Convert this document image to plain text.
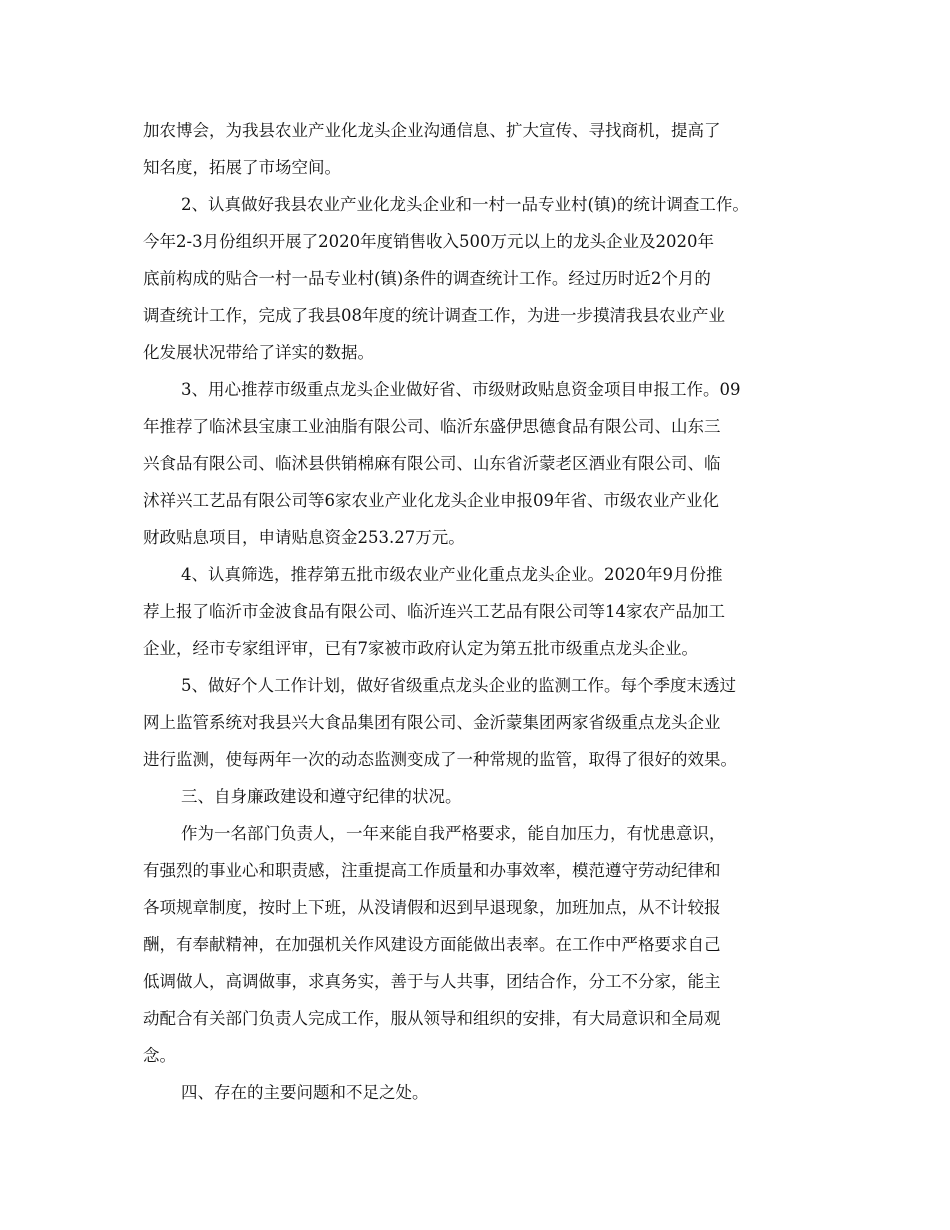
加农博会，为我县农业产业化龙头企业沟通信息、扩大宣传、寻找商机，提高了
知名度，拓展了市场空间。
2、认真做好我县农业产业化龙头企业和一村一品专业村(镇)的统计调查工作。
今年2-3月份组织开展了2020年度销售收入500万元以上的龙头企业及2020年
底前构成的贴合一村一品专业村(镇)条件的调查统计工作。经过历时近2个月的
调查统计工作，完成了我县08年度的统计调查工作，为进一步摸清我县农业产业
化发展状况带给了详实的数据。
3、用心推荐市级重点龙头企业做好省、市级财政贴息资金项目申报工作。09
年推荐了临沭县宝康工业油脂有限公司、临沂东盛伊思德食品有限公司、山东三
兴食品有限公司、临沭县供销棉麻有限公司、山东省沂蒙老区酒业有限公司、临
沭祥兴工艺品有限公司等6家农业产业化龙头企业申报09年省、市级农业产业化
财政贴息项目，申请贴息资金253.27万元。
4、认真筛选，推荐第五批市级农业产业化重点龙头企业。2020年9月份推
荐上报了临沂市金波食品有限公司、临沂连兴工艺品有限公司等14家农产品加工
企业，经市专家组评审，已有7家被市政府认定为第五批市级重点龙头企业。
5、做好个人工作计划，做好省级重点龙头企业的监测工作。每个季度末透过
网上监管系统对我县兴大食品集团有限公司、金沂蒙集团两家省级重点龙头企业
进行监测，使每两年一次的动态监测变成了一种常规的监管，取得了很好的效果。
三、自身廉政建设和遵守纪律的状况。
作为一名部门负责人，一年来能自我严格要求，能自加压力，有忧患意识，
有强烈的事业心和职责感，注重提高工作质量和办事效率，模范遵守劳动纪律和
各项规章制度，按时上下班，从没请假和迟到早退现象，加班加点，从不计较报
酬，有奉献精神，在加强机关作风建设方面能做出表率。在工作中严格要求自己
低调做人，高调做事，求真务实，善于与人共事，团结合作，分工不分家，能主
动配合有关部门负责人完成工作，服从领导和组织的安排，有大局意识和全局观
念。
四、存在的主要问题和不足之处。
